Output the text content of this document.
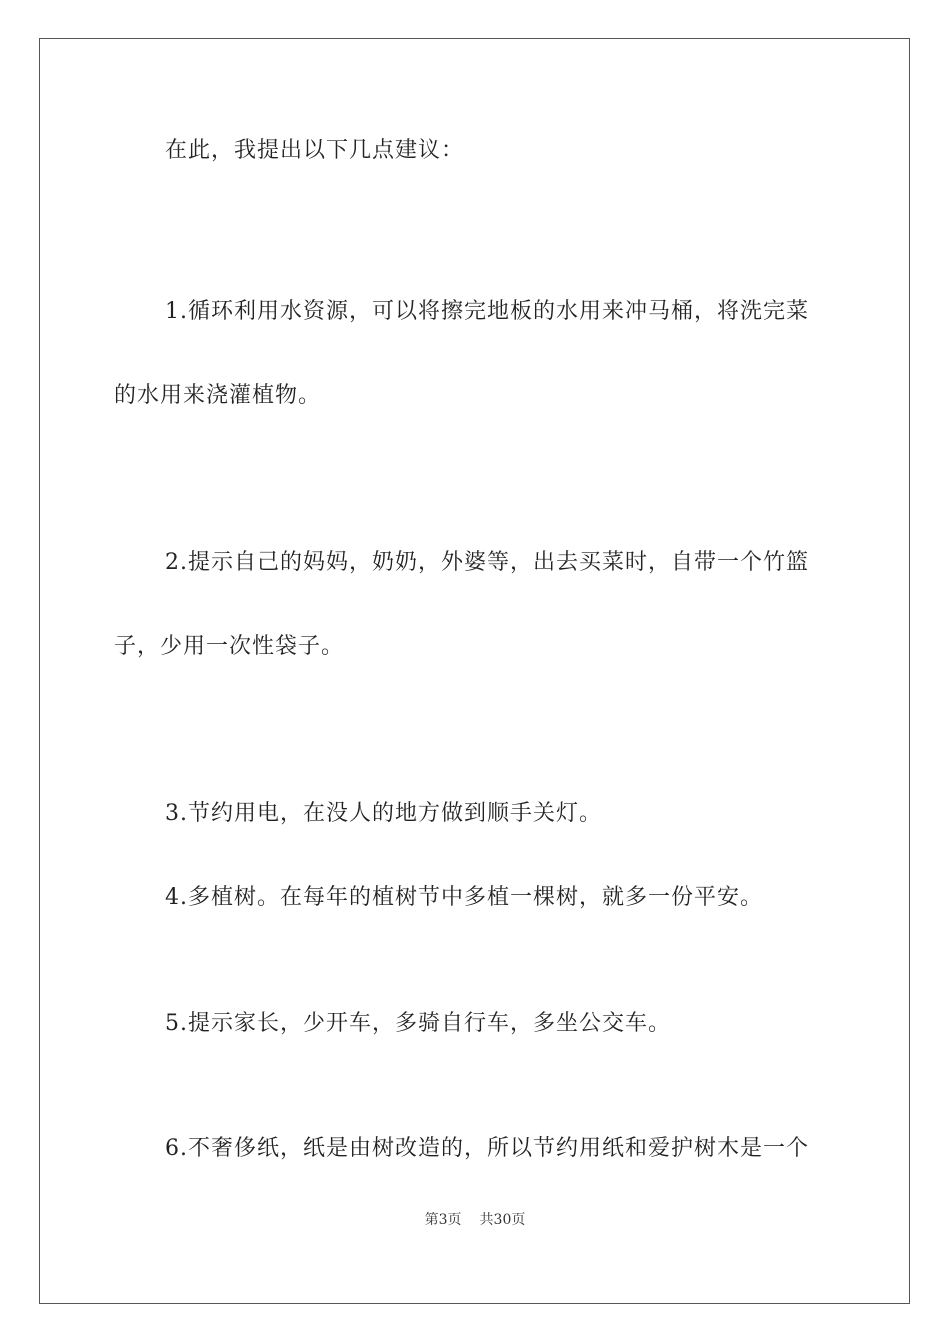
在此，我提出以下几点建议：
1.循环利用水资源，可以将擦完地板的水用来冲马桶，将洗完菜
的水用来浇灌植物。
2.提示自己的妈妈，奶奶，外婆等，出去买菜时，自带一个竹篮
子，少用一次性袋子。
3.节约用电，在没人的地方做到顺手关灯。
4.多植树。在每年的植树节中多植一棵树，就多一份平安。
5.提示家长，少开车，多骑自行车，多坐公交车。
6.不奢侈纸，纸是由树改造的，所以节约用纸和爱护树木是一个
第3页 共30页
